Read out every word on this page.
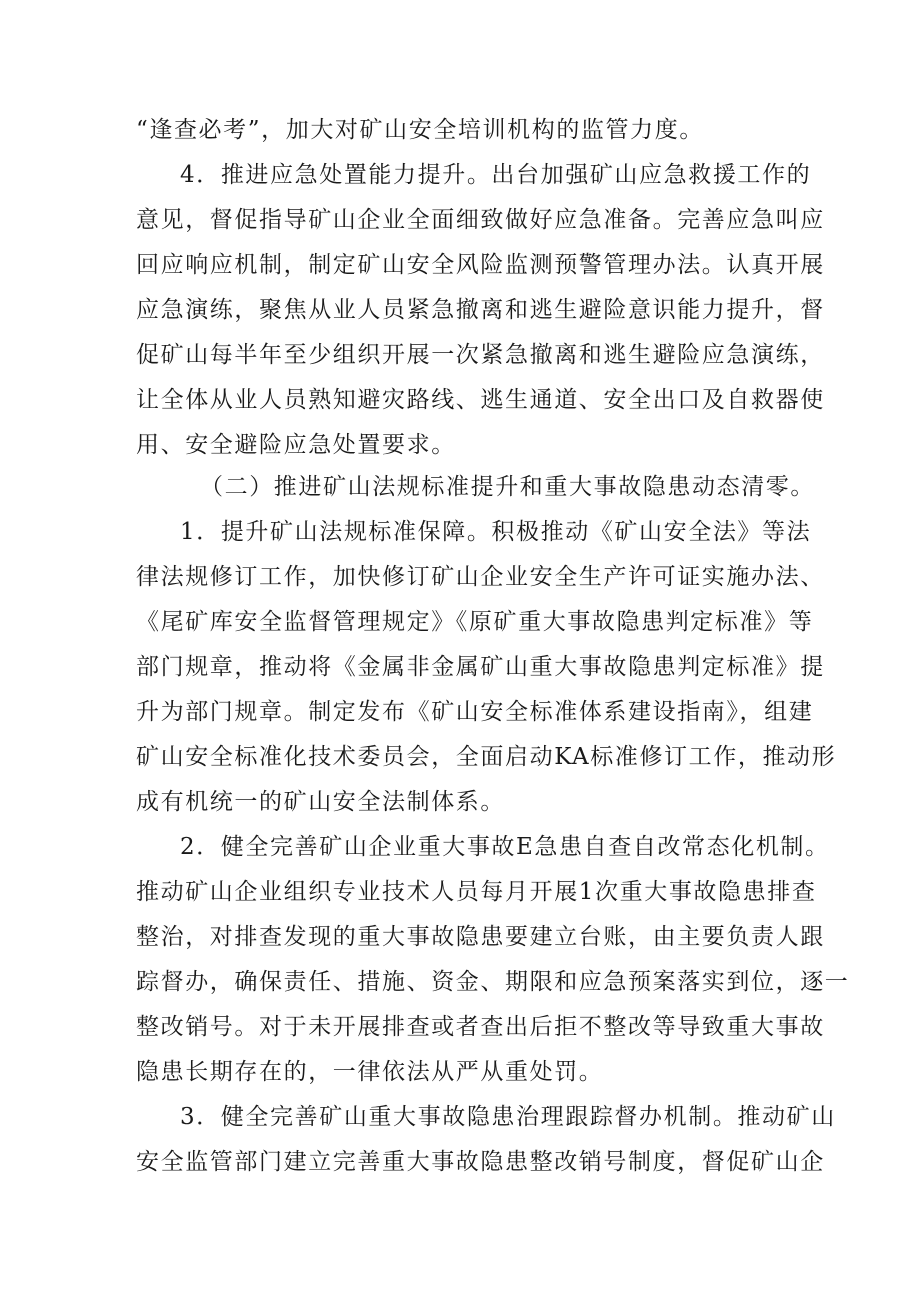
“逢查必考”，加大对矿山安全培训机构的监管力度。
4．推进应急处置能力提升。出台加强矿山应急救援工作的
意见，督促指导矿山企业全面细致做好应急准备。完善应急叫应
回应响应机制，制定矿山安全风险监测预警管理办法。认真开展
应急演练，聚焦从业人员紧急撤离和逃生避险意识能力提升，督
促矿山每半年至少组织开展一次紧急撤离和逃生避险应急演练，
让全体从业人员熟知避灾路线、逃生通道、安全出口及自救器使
用、安全避险应急处置要求。
（二）推进矿山法规标准提升和重大事故隐患动态清零。
1．提升矿山法规标准保障。积极推动《矿山安全法》等法
律法规修订工作，加快修订矿山企业安全生产许可证实施办法、
《尾矿库安全监督管理规定》《原矿重大事故隐患判定标准》等
部门规章，推动将《金属非金属矿山重大事故隐患判定标准》提
升为部门规章。制定发布《矿山安全标准体系建设指南》，组建
矿山安全标准化技术委员会，全面启动KA标准修订工作，推动形
成有机统一的矿山安全法制体系。
2．健全完善矿山企业重大事故E急患自查自改常态化机制。
推动矿山企业组织专业技术人员每月开展1次重大事故隐患排查
整治，对排查发现的重大事故隐患要建立台账，由主要负责人跟
踪督办，确保责任、措施、资金、期限和应急预案落实到位，逐一
整改销号。对于未开展排查或者查出后拒不整改等导致重大事故
隐患长期存在的，一律依法从严从重处罚。
3．健全完善矿山重大事故隐患治理跟踪督办机制。推动矿山
安全监管部门建立完善重大事故隐患整改销号制度，督促矿山企
